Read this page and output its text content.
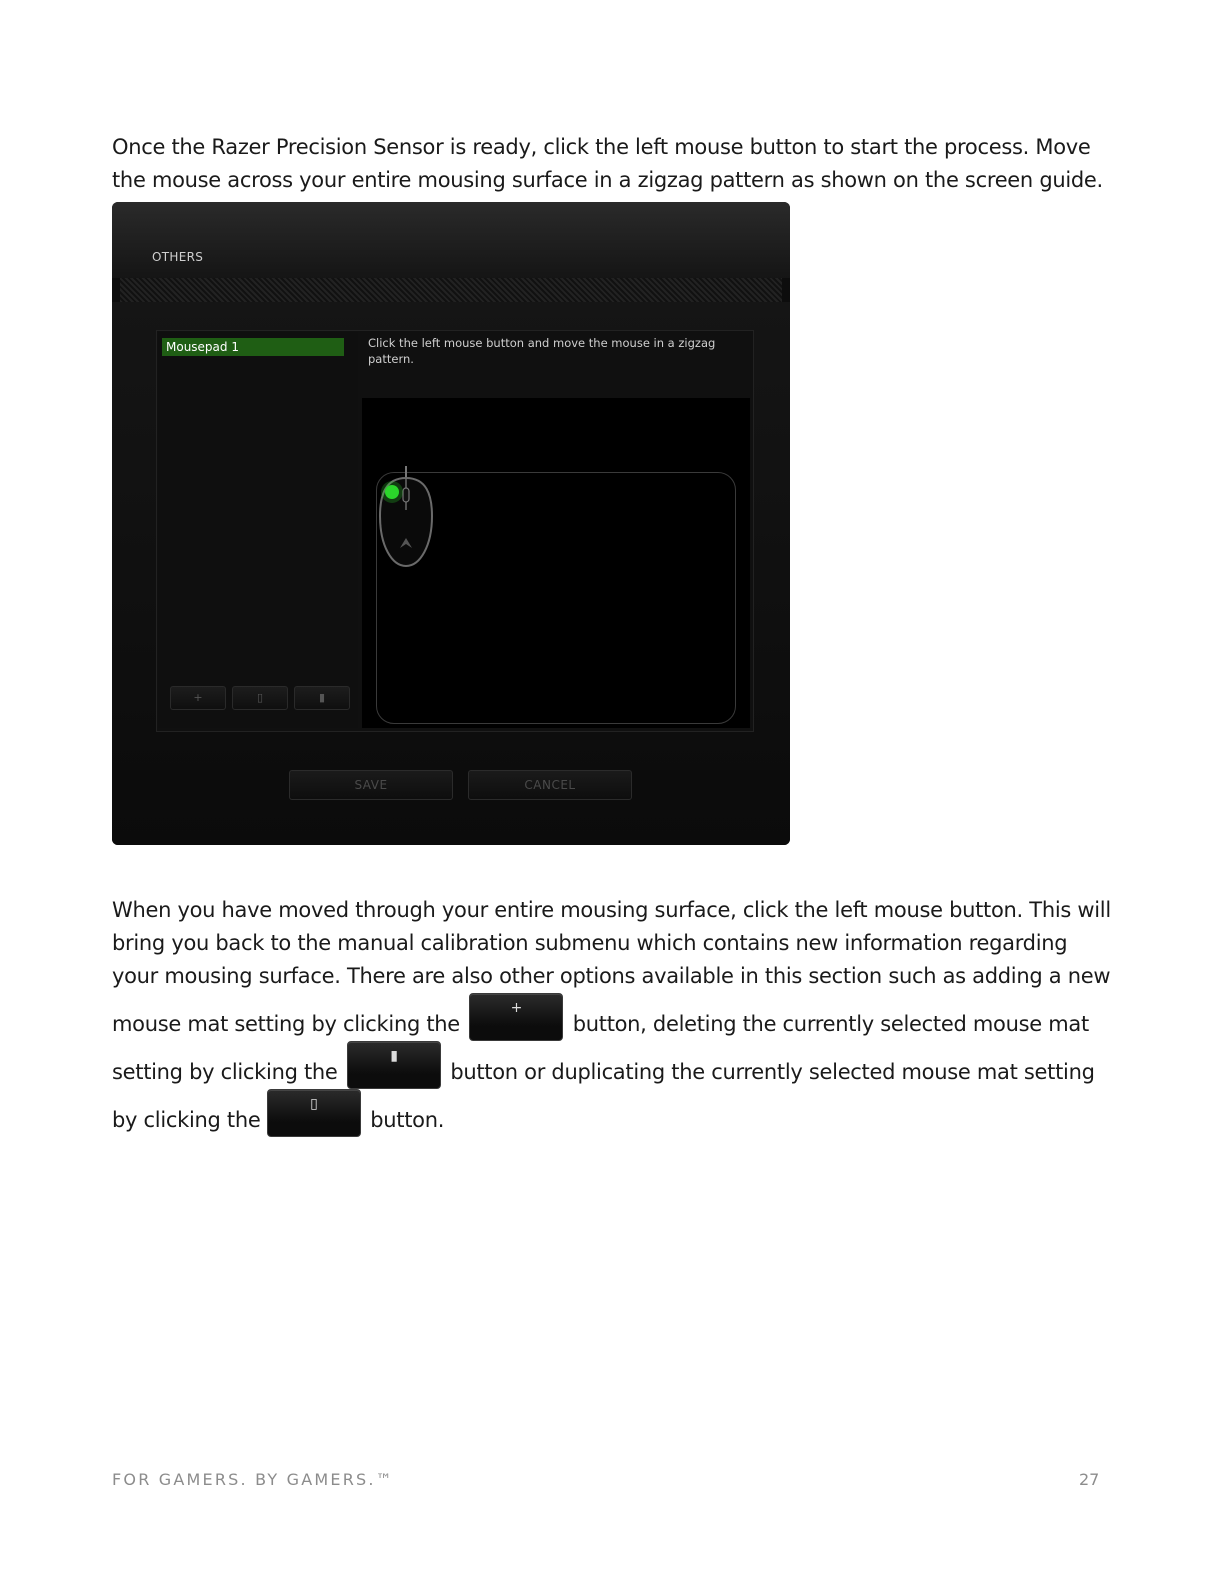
Once the Razer Precision Sensor is ready, click the left mouse button to start the process. Move the mouse across your entire mousing surface in a zigzag pattern as shown on the screen guide.

OTHERS
Mousepad 1	Click the left mouse button and move the mouse in a zigzag pattern.
+	▯	▮
SAVE	CANCEL

When you have moved through your entire mousing surface, click the left mouse button. This will bring you back to the manual calibration submenu which contains new information regarding your mousing surface. There are also other options available in this section such as adding a new mouse mat setting by clicking the + button, deleting the currently selected mouse mat setting by clicking the ▮ button or duplicating the currently selected mouse mat setting by clicking the ▯ button.

FOR GAMERS. BY GAMERS.™	27
